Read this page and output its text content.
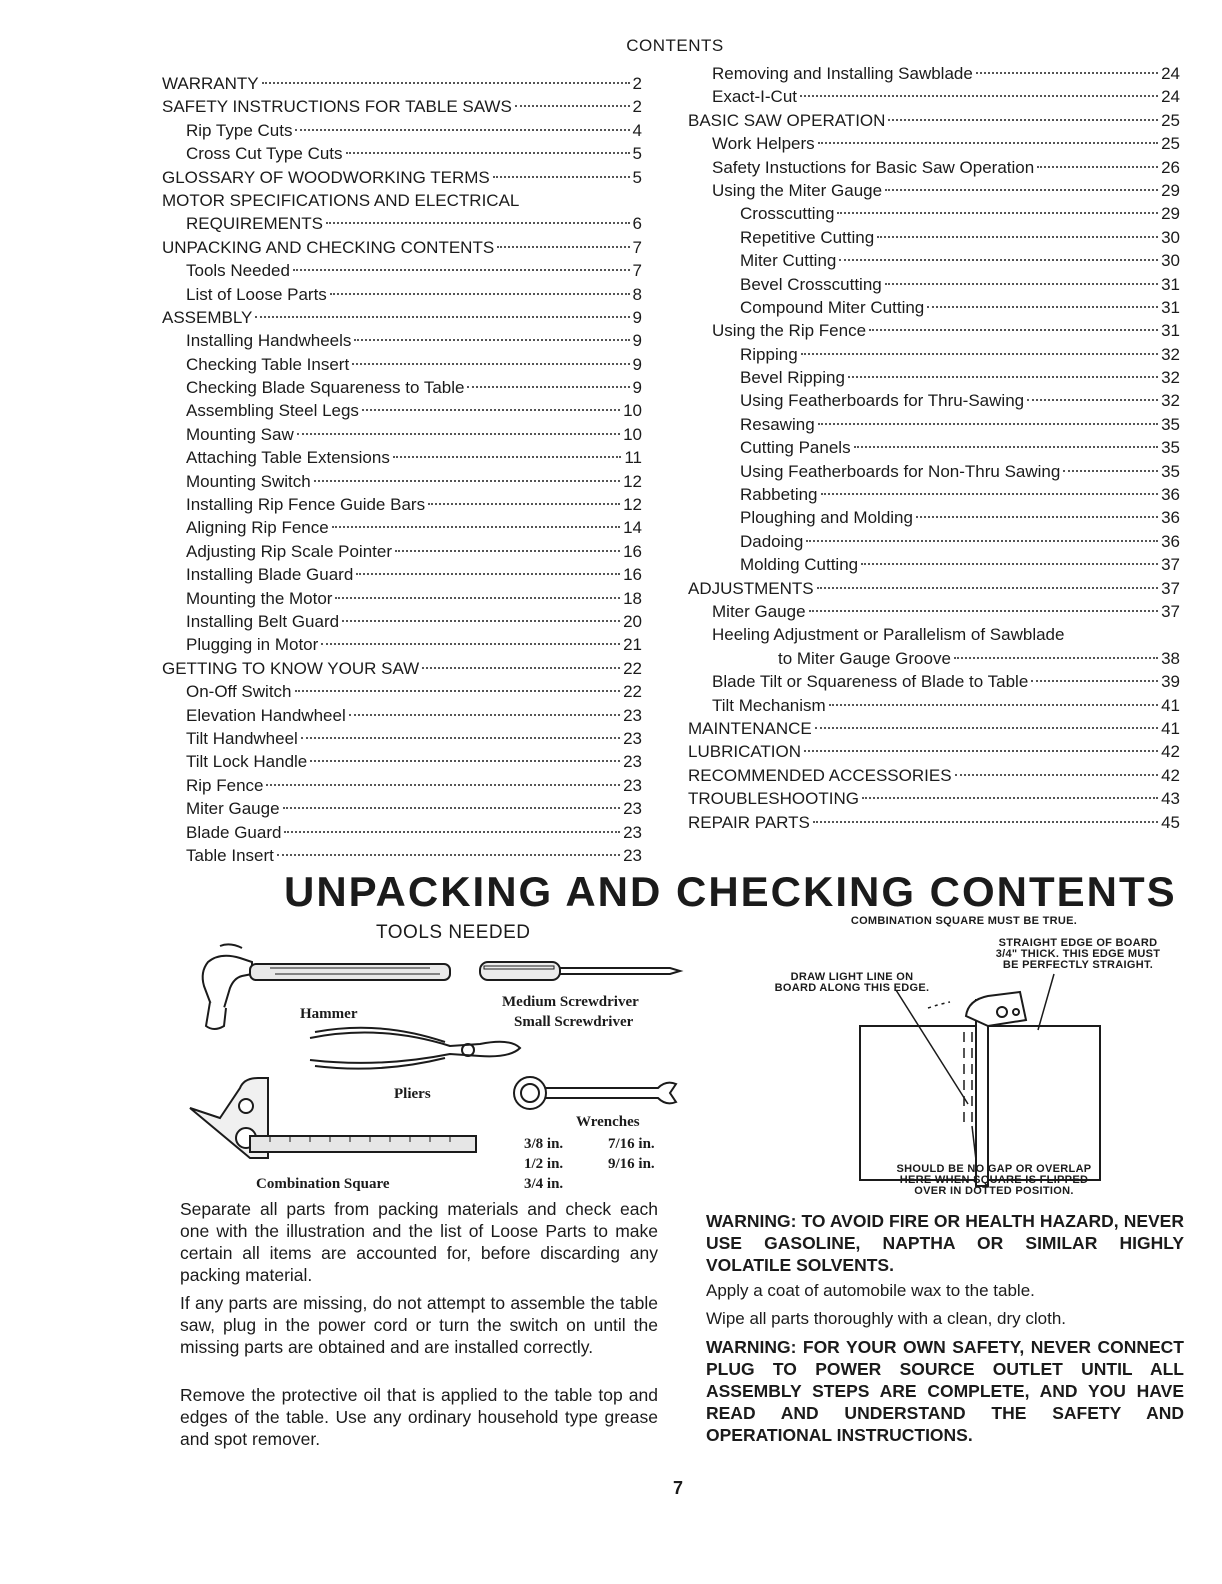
CONTENTS
WARRANTY	2
SAFETY INSTRUCTIONS FOR TABLE SAWS	2
Rip Type Cuts	4
Cross Cut Type Cuts	5
GLOSSARY OF WOODWORKING TERMS	5
MOTOR SPECIFICATIONS AND ELECTRICAL
REQUIREMENTS	6
UNPACKING AND CHECKING CONTENTS	7
Tools Needed	7
List of Loose Parts	8
ASSEMBLY	9
Installing Handwheels	9
Checking Table Insert	9
Checking Blade Squareness to Table	9
Assembling Steel Legs	10
Mounting Saw	10
Attaching Table Extensions	11
Mounting Switch	12
Installing Rip Fence Guide Bars	12
Aligning Rip Fence	14
Adjusting Rip Scale Pointer	16
Installing Blade Guard	16
Mounting the Motor	18
Installing Belt Guard	20
Plugging in Motor	21
GETTING TO KNOW YOUR SAW	22
On-Off Switch	22
Elevation Handwheel	23
Tilt Handwheel	23
Tilt Lock Handle	23
Rip Fence	23
Miter Gauge	23
Blade Guard	23
Table Insert	23
Removing and Installing Sawblade	24
Exact-I-Cut	24
BASIC SAW OPERATION	25
Work Helpers	25
Safety Instuctions for Basic Saw Operation	26
Using the Miter Gauge	29
Crosscutting	29
Repetitive Cutting	30
Miter Cutting	30
Bevel Crosscutting	31
Compound Miter Cutting	31
Using the Rip Fence	31
Ripping	32
Bevel Ripping	32
Using Featherboards for Thru-Sawing	32
Resawing	35
Cutting Panels	35
Using Featherboards for Non-Thru Sawing	35
Rabbeting	36
Ploughing and Molding	36
Dadoing	36
Molding Cutting	37
ADJUSTMENTS	37
Miter Gauge	37
Heeling Adjustment or Parallelism of Sawblade
to Miter Gauge Groove	38
Blade Tilt or Squareness of Blade to Table	39
Tilt Mechanism	41
MAINTENANCE	41
LUBRICATION	42
RECOMMENDED ACCESSORIES	42
TROUBLESHOOTING	43
REPAIR PARTS	45
UNPACKING AND CHECKING CONTENTS
TOOLS NEEDED
Hammer
Medium Screwdriver
Small Screwdriver
Pliers
Wrenches
3/8 in.	7/16 in.
1/2 in.	9/16 in.
3/4 in.
Combination Square
Separate all parts from packing materials and check each one with the illustration and the list of Loose Parts to make certain all items are accounted for, before discarding any packing material.
If any parts are missing, do not attempt to assemble the table saw, plug in the power cord or turn the switch on until the missing parts are obtained and are installed correctly.
Remove the protective oil that is applied to the table top and edges of the table. Use any ordinary household type grease and spot remover.
COMBINATION SQUARE MUST BE TRUE.
STRAIGHT EDGE OF BOARD
3/4" THICK. THIS EDGE MUST
BE PERFECTLY STRAIGHT.
DRAW LIGHT LINE ON
BOARD ALONG THIS EDGE.
SHOULD BE NO GAP OR OVERLAP
HERE WHEN SQUARE IS FLIPPED
OVER IN DOTTED POSITION.
WARNING: TO AVOID FIRE OR HEALTH HAZARD, NEVER USE GASOLINE, NAPTHA OR SIMILAR HIGHLY VOLATILE SOLVENTS.
Apply a coat of automobile wax to the table.
Wipe all parts thoroughly with a clean, dry cloth.
WARNING: FOR YOUR OWN SAFETY, NEVER CONNECT PLUG TO POWER SOURCE OUTLET UNTIL ALL ASSEMBLY STEPS ARE COMPLETE, AND YOU HAVE READ AND UNDERSTAND THE SAFETY AND OPERATIONAL INSTRUCTIONS.
7
